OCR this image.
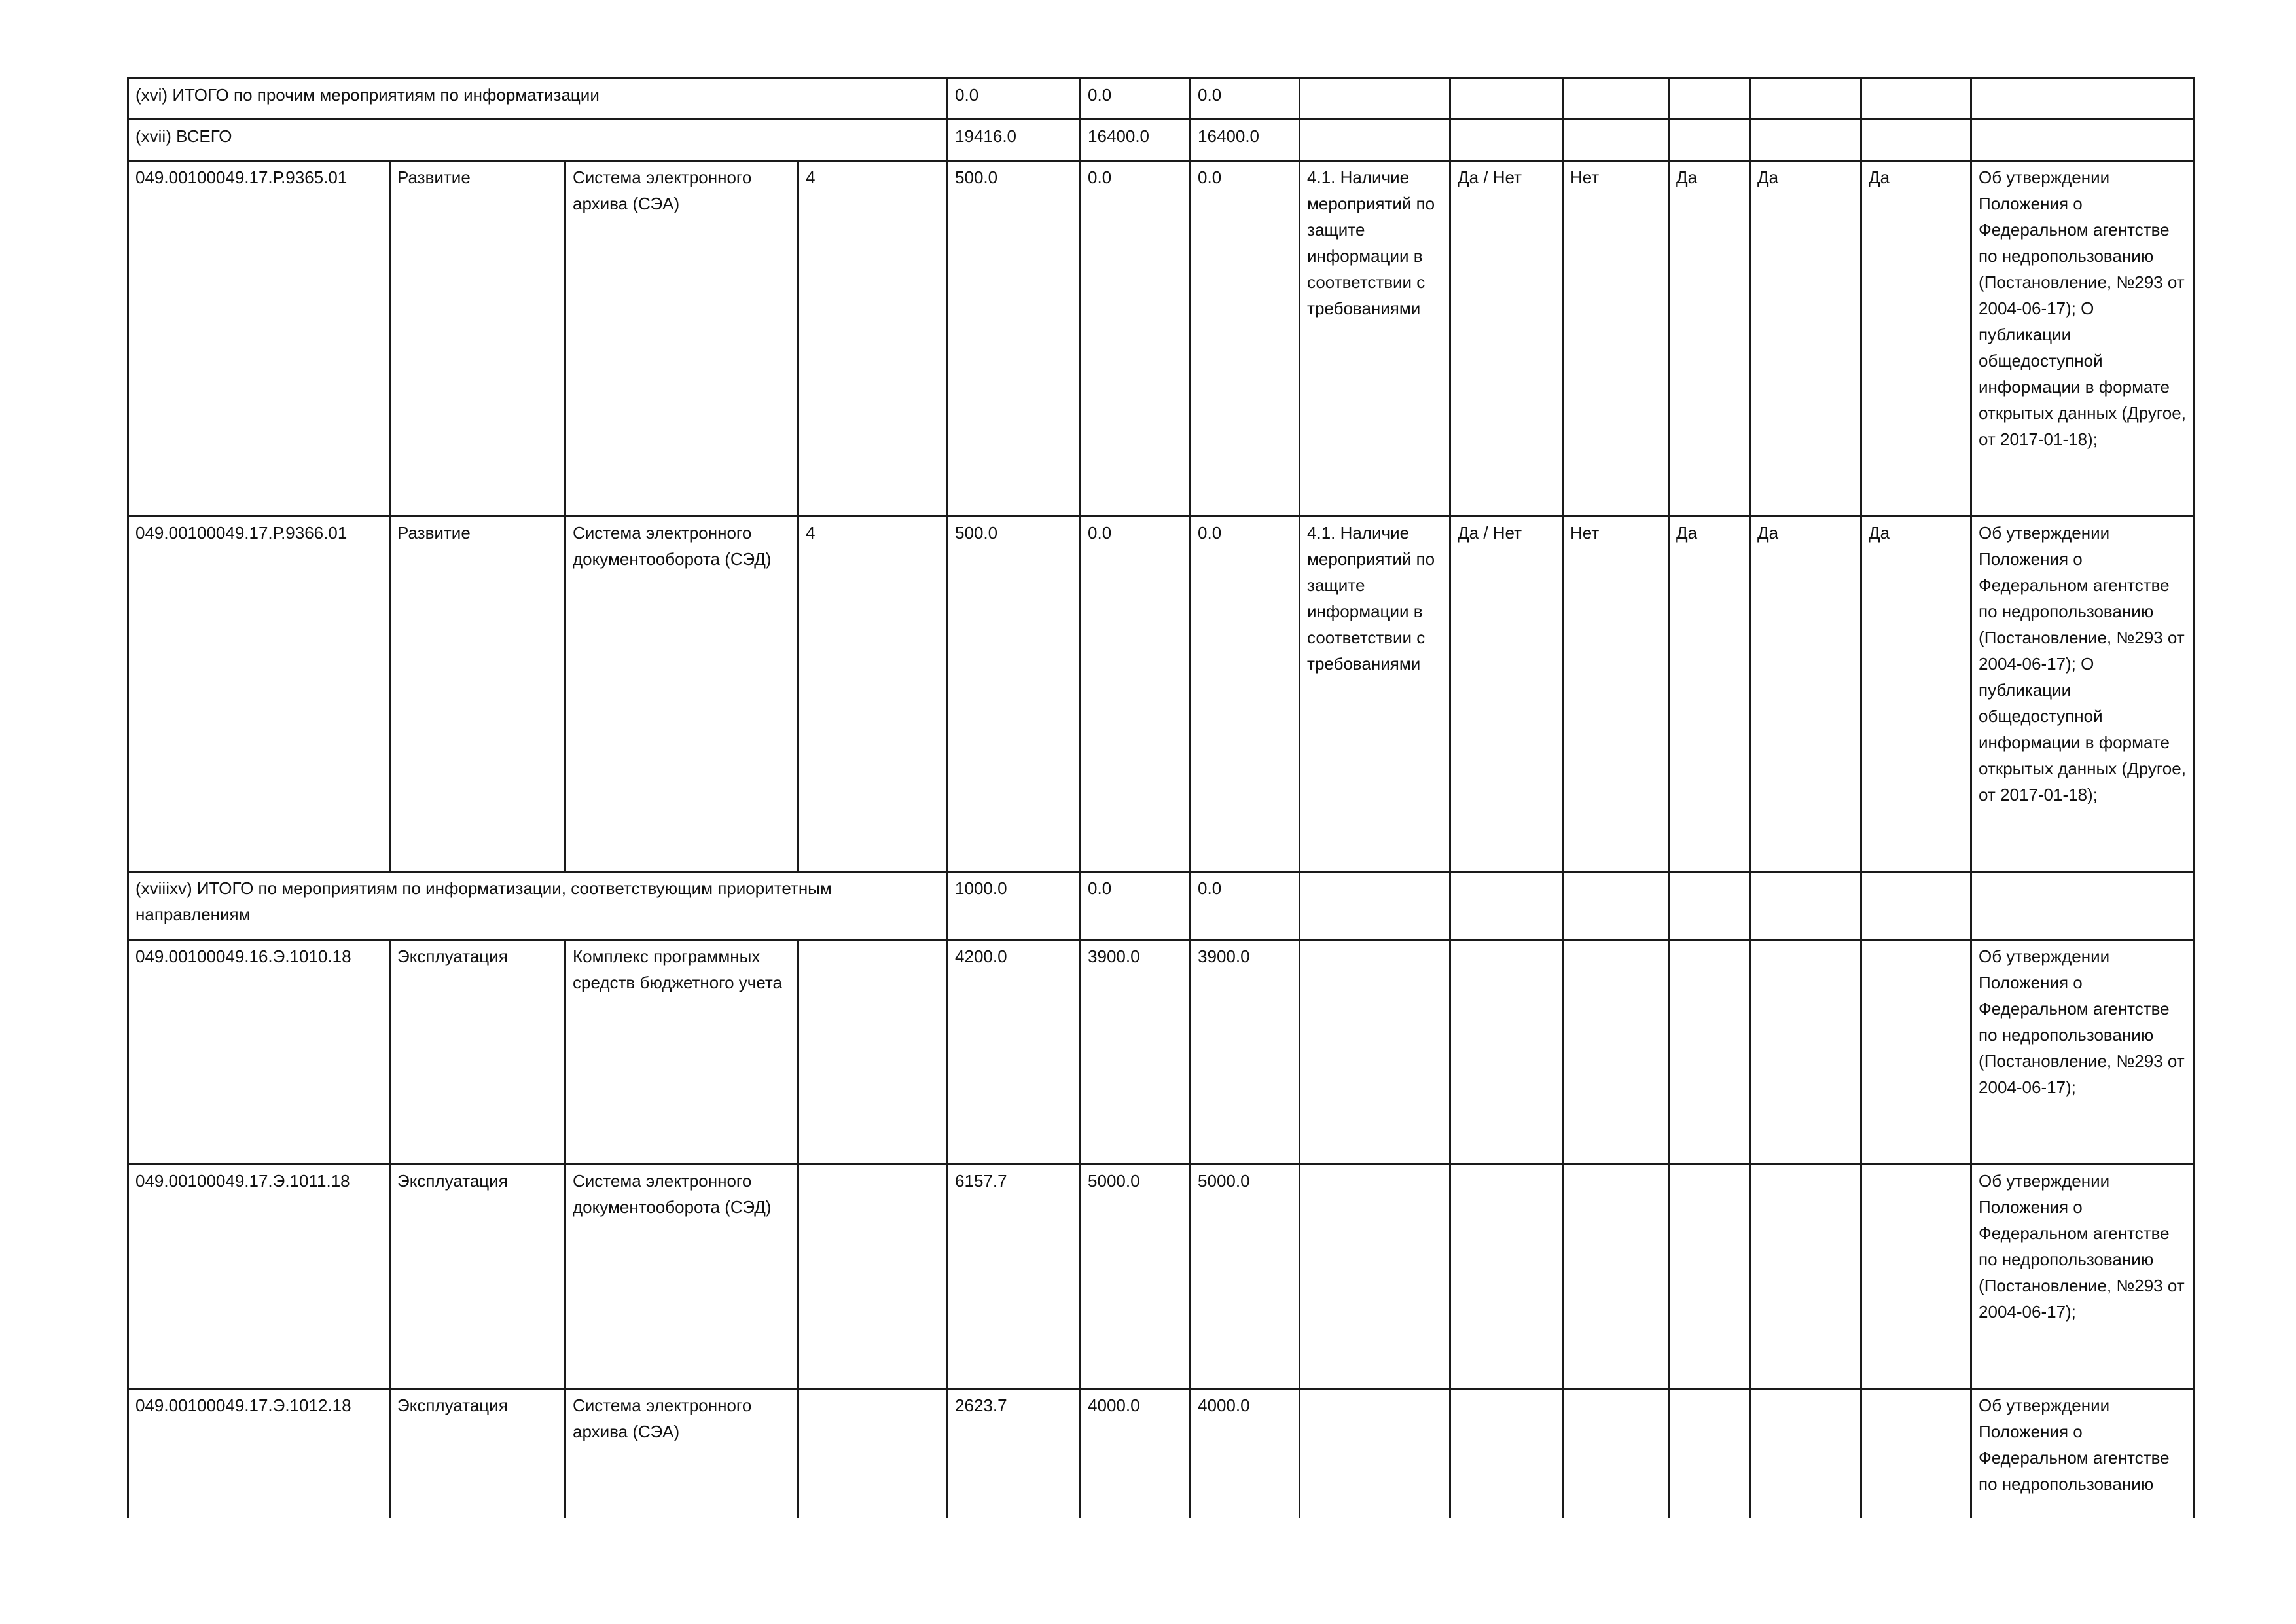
(xvi) ИТОГО по прочим мероприятиям по информатизации				0.0	0.0	0.0							
(xvii) ВСЕГО				19416.0	16400.0	16400.0							
049.00100049.17.Р.9365.01	Развитие	Система электронного архива (СЭА)	4	500.0	0.0	0.0	4.1. Наличие мероприятий по защите информации в соответствии с требованиями	Да / Нет	Нет	Да	Да	Да	Об утверждении Положения о Федеральном агентстве по недропользованию (Постановление, №293 от 2004-06-17); О публикации общедоступной информации в формате открытых данных (Другое, от 2017-01-18);
049.00100049.17.Р.9366.01	Развитие	Система электронного документооборота (СЭД)	4	500.0	0.0	0.0	4.1. Наличие мероприятий по защите информации в соответствии с требованиями	Да / Нет	Нет	Да	Да	Да	Об утверждении Положения о Федеральном агентстве по недропользованию (Постановление, №293 от 2004-06-17); О публикации общедоступной информации в формате открытых данных (Другое, от 2017-01-18);
(xviiixv) ИТОГО по мероприятиям по информатизации, соответствующим приоритетным направлениям				1000.0	0.0	0.0							
049.00100049.16.Э.1010.18	Эксплуатация	Комплекс программных средств бюджетного учета		4200.0	3900.0	3900.0							Об утверждении Положения о Федеральном агентстве по недропользованию (Постановление, №293 от 2004-06-17);
049.00100049.17.Э.1011.18	Эксплуатация	Система электронного документооборота (СЭД)		6157.7	5000.0	5000.0							Об утверждении Положения о Федеральном агентстве по недропользованию (Постановление, №293 от 2004-06-17);
049.00100049.17.Э.1012.18	Эксплуатация	Система электронного архива (СЭА)		2623.7	4000.0	4000.0							Об утверждении Положения о Федеральном агентстве по недропользованию
